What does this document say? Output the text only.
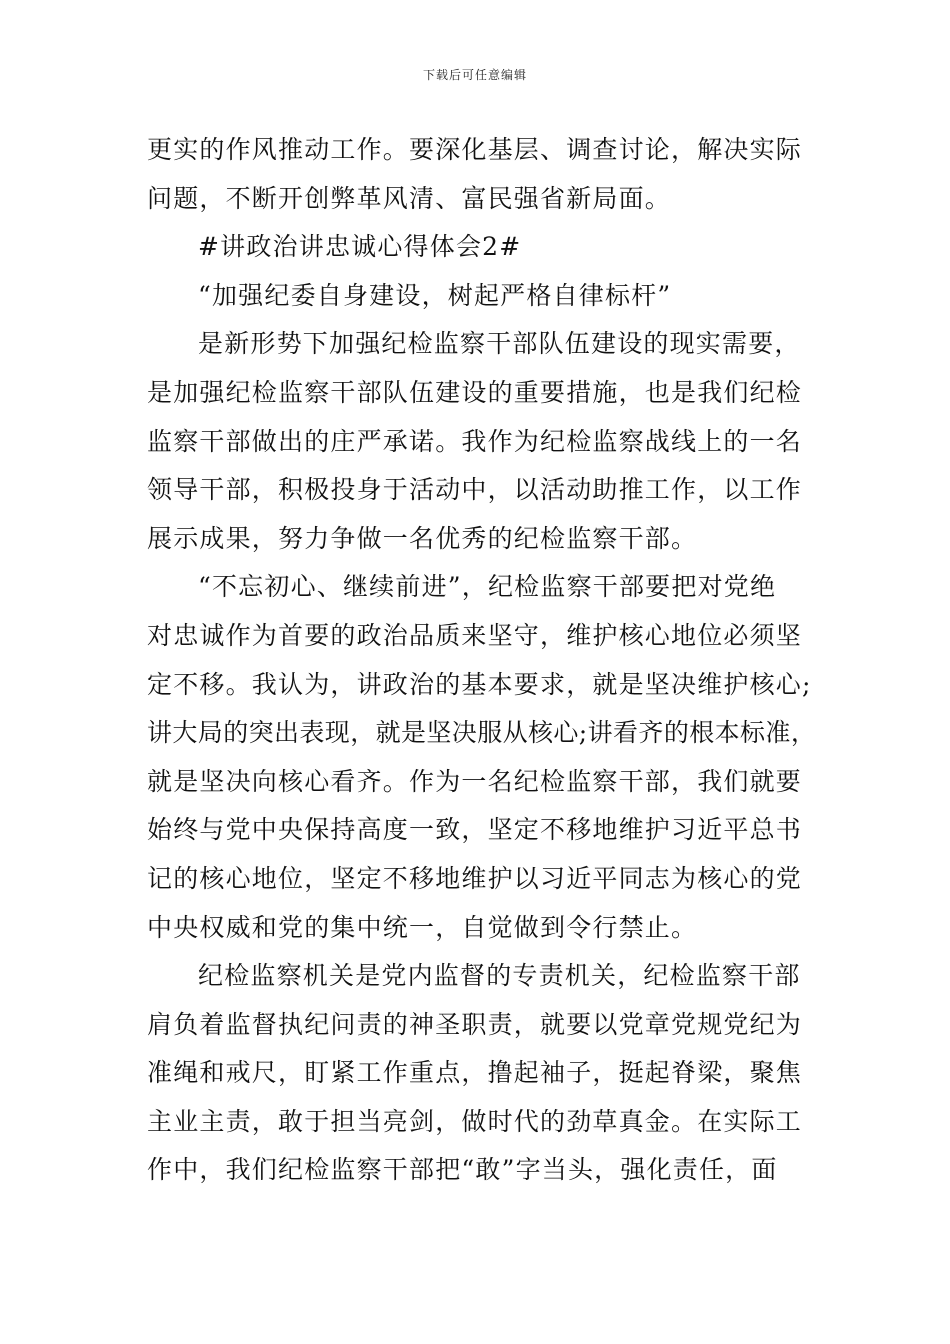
下载后可任意编辑
更实的作风推动工作。要深化基层、调查讨论，解决实际
问题，不断开创弊革风清、富民强省新局面。
#讲政治讲忠诚心得体会2#
“加强纪委自身建设，树起严格自律标杆”
是新形势下加强纪检监察干部队伍建设的现实需要，
是加强纪检监察干部队伍建设的重要措施，也是我们纪检
监察干部做出的庄严承诺。我作为纪检监察战线上的一名
领导干部，积极投身于活动中，以活动助推工作，以工作
展示成果，努力争做一名优秀的纪检监察干部。
“不忘初心、继续前进”，纪检监察干部要把对党绝
对忠诚作为首要的政治品质来坚守，维护核心地位必须坚
定不移。我认为，讲政治的基本要求，就是坚决维护核心;
讲大局的突出表现，就是坚决服从核心;讲看齐的根本标准，
就是坚决向核心看齐。作为一名纪检监察干部，我们就要
始终与党中央保持高度一致，坚定不移地维护习近平总书
记的核心地位，坚定不移地维护以习近平同志为核心的党
中央权威和党的集中统一，自觉做到令行禁止。
纪检监察机关是党内监督的专责机关，纪检监察干部
肩负着监督执纪问责的神圣职责，就要以党章党规党纪为
准绳和戒尺，盯紧工作重点，撸起袖子，挺起脊梁，聚焦
主业主责，敢于担当亮剑，做时代的劲草真金。在实际工
作中，我们纪检监察干部把“敢”字当头，强化责任，面
